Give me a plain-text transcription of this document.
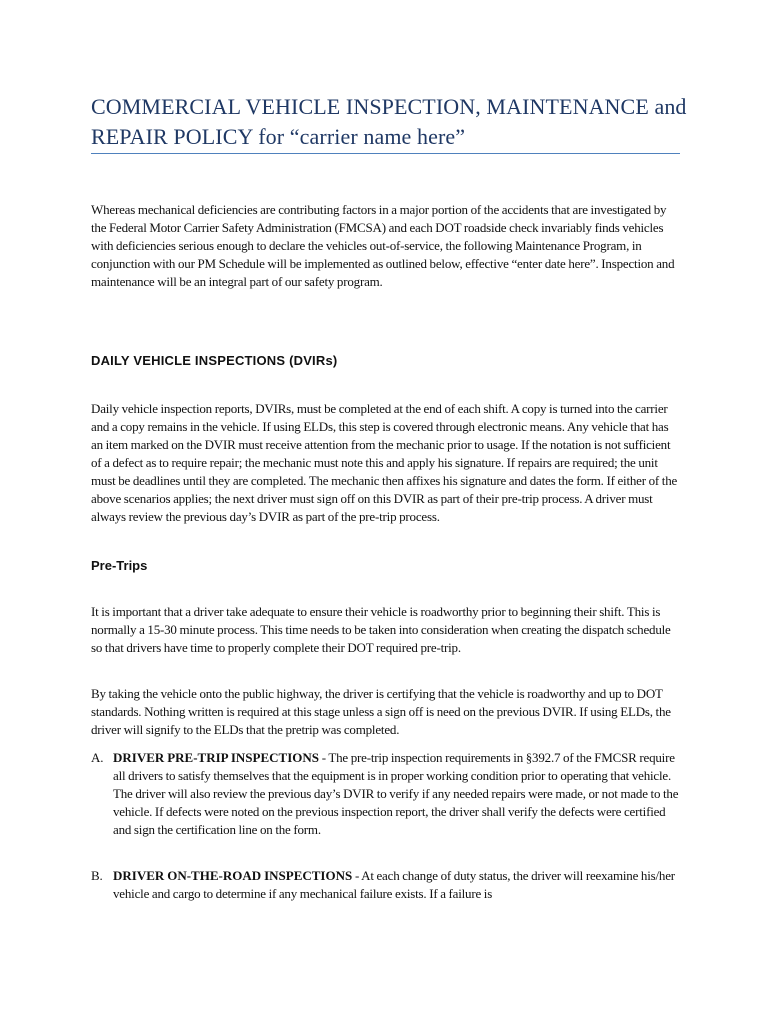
COMMERCIAL VEHICLE INSPECTION, MAINTENANCE and REPAIR POLICY for “carrier name here”

Whereas mechanical deficiencies are contributing factors in a major portion of the accidents that are investigated by the Federal Motor Carrier Safety Administration (FMCSA) and each DOT roadside check invariably finds vehicles with deficiencies serious enough to declare the vehicles out-of-service, the following Maintenance Program, in conjunction with our PM Schedule will be implemented as outlined below, effective “enter date here”. Inspection and maintenance will be an integral part of our safety program.

DAILY VEHICLE INSPECTIONS (DVIRs)

Daily vehicle inspection reports, DVIRs, must be completed at the end of each shift. A copy is turned into the carrier and a copy remains in the vehicle. If using ELDs, this step is covered through electronic means. Any vehicle that has an item marked on the DVIR must receive attention from the mechanic prior to usage. If the notation is not sufficient of a defect as to require repair; the mechanic must note this and apply his signature. If repairs are required; the unit must be deadlines until they are completed. The mechanic then affixes his signature and dates the form. If either of the above scenarios applies; the next driver must sign off on this DVIR as part of their pre-trip process. A driver must always review the previous day’s DVIR as part of the pre-trip process.

Pre-Trips

It is important that a driver take adequate to ensure their vehicle is roadworthy prior to beginning their shift. This is normally a 15-30 minute process. This time needs to be taken into consideration when creating the dispatch schedule so that drivers have time to properly complete their DOT required pre-trip.

By taking the vehicle onto the public highway, the driver is certifying that the vehicle is roadworthy and up to DOT standards. Nothing written is required at this stage unless a sign off is need on the previous DVIR. If using ELDs, the driver will signify to the ELDs that the pretrip was completed.

A. DRIVER PRE-TRIP INSPECTIONS - The pre-trip inspection requirements in §392.7 of the FMCSR require all drivers to satisfy themselves that the equipment is in proper working condition prior to operating that vehicle. The driver will also review the previous day’s DVIR to verify if any needed repairs were made, or not made to the vehicle. If defects were noted on the previous inspection report, the driver shall verify the defects were certified and sign the certification line on the form.
B. DRIVER ON-THE-ROAD INSPECTIONS - At each change of duty status, the driver will reexamine his/her vehicle and cargo to determine if any mechanical failure exists. If a failure is
